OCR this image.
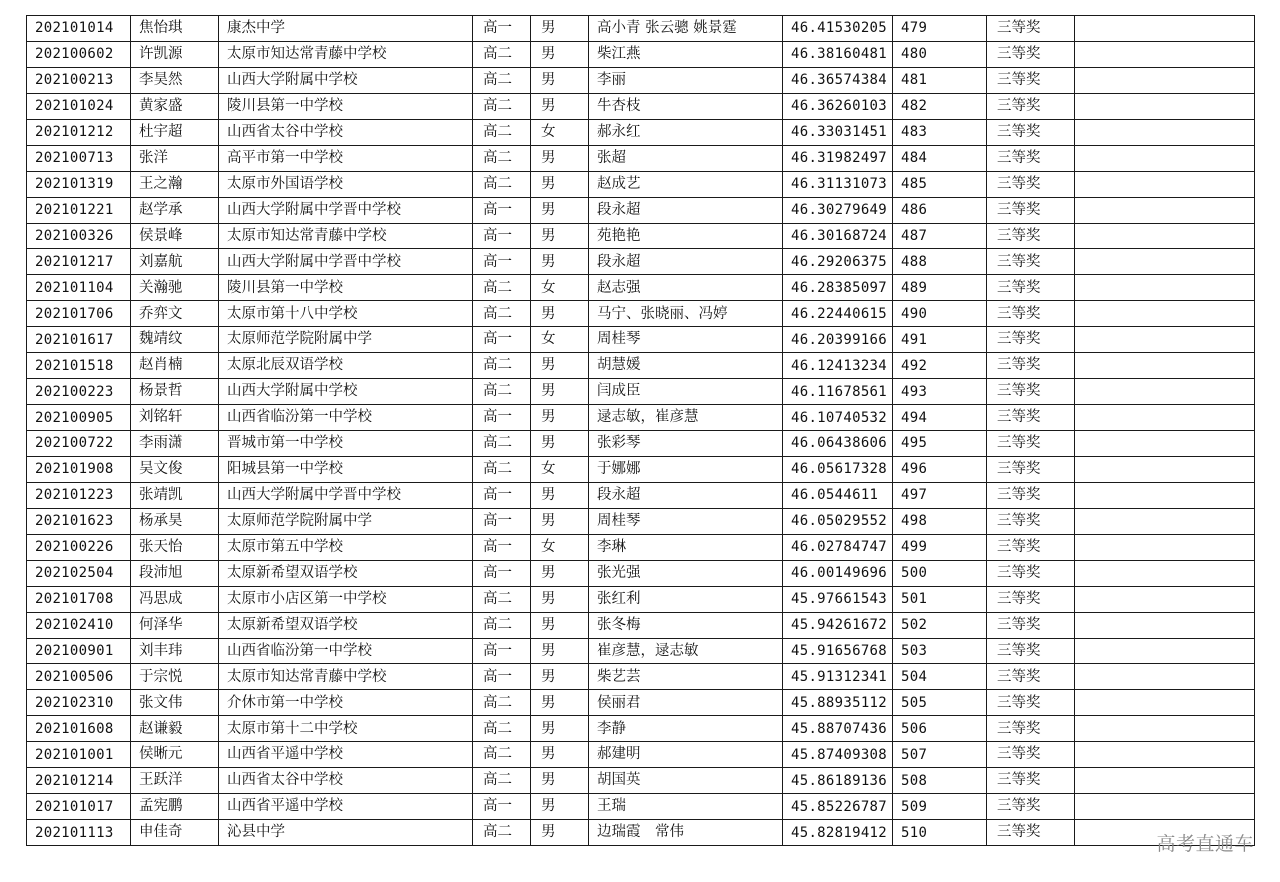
202101014	焦怡琪	康杰中学	高一	男	高小青 张云骢 姚景霆	46.41530205	479	三等奖	
202100602	许凯源	太原市知达常青藤中学校	高二	男	柴江燕	46.38160481	480	三等奖	
202100213	李昊然	山西大学附属中学校	高二	男	李丽	46.36574384	481	三等奖	
202101024	黄家盛	陵川县第一中学校	高二	男	牛杏枝	46.36260103	482	三等奖	
202101212	杜宇超	山西省太谷中学校	高二	女	郝永红	46.33031451	483	三等奖	
202100713	张洋	高平市第一中学校	高二	男	张超	46.31982497	484	三等奖	
202101319	王之瀚	太原市外国语学校	高二	男	赵成艺	46.31131073	485	三等奖	
202101221	赵学承	山西大学附属中学晋中学校	高一	男	段永超	46.30279649	486	三等奖	
202100326	侯景峰	太原市知达常青藤中学校	高一	男	苑艳艳	46.30168724	487	三等奖	
202101217	刘嘉航	山西大学附属中学晋中学校	高一	男	段永超	46.29206375	488	三等奖	
202101104	关瀚驰	陵川县第一中学校	高二	女	赵志强	46.28385097	489	三等奖	
202101706	乔弈文	太原市第十八中学校	高二	男	马宁、张晓丽、冯婷	46.22440615	490	三等奖	
202101617	魏靖纹	太原师范学院附属中学	高一	女	周桂琴	46.20399166	491	三等奖	
202101518	赵肖楠	太原北辰双语学校	高二	男	胡慧媛	46.12413234	492	三等奖	
202100223	杨景哲	山西大学附属中学校	高二	男	闫成臣	46.11678561	493	三等奖	
202100905	刘铭轩	山西省临汾第一中学校	高一	男	逯志敏，崔彦慧	46.10740532	494	三等奖	
202100722	李雨潇	晋城市第一中学校	高二	男	张彩琴	46.06438606	495	三等奖	
202101908	吴文俊	阳城县第一中学校	高二	女	于娜娜	46.05617328	496	三等奖	
202101223	张靖凯	山西大学附属中学晋中学校	高一	男	段永超	46.0544611	497	三等奖	
202101623	杨承昊	太原师范学院附属中学	高一	男	周桂琴	46.05029552	498	三等奖	
202100226	张天怡	太原市第五中学校	高一	女	李琳	46.02784747	499	三等奖	
202102504	段沛旭	太原新希望双语学校	高一	男	张光强	46.00149696	500	三等奖	
202101708	冯思成	太原市小店区第一中学校	高二	男	张红利	45.97661543	501	三等奖	
202102410	何泽华	太原新希望双语学校	高二	男	张冬梅	45.94261672	502	三等奖	
202100901	刘丰玮	山西省临汾第一中学校	高一	男	崔彦慧，逯志敏	45.91656768	503	三等奖	
202100506	于宗悦	太原市知达常青藤中学校	高一	男	柴艺芸	45.91312341	504	三等奖	
202102310	张文伟	介休市第一中学校	高二	男	侯丽君	45.88935112	505	三等奖	
202101608	赵谦毅	太原市第十二中学校	高二	男	李静	45.88707436	506	三等奖	
202101001	侯晰元	山西省平遥中学校	高二	男	郝建明	45.87409308	507	三等奖	
202101214	王跃洋	山西省太谷中学校	高二	男	胡国英	45.86189136	508	三等奖	
202101017	孟宪鹏	山西省平遥中学校	高一	男	王瑞	45.85226787	509	三等奖	
202101113	申佳奇	沁县中学	高二	男	边瑞霞　常伟	45.82819412	510	三等奖	
高考直通车
